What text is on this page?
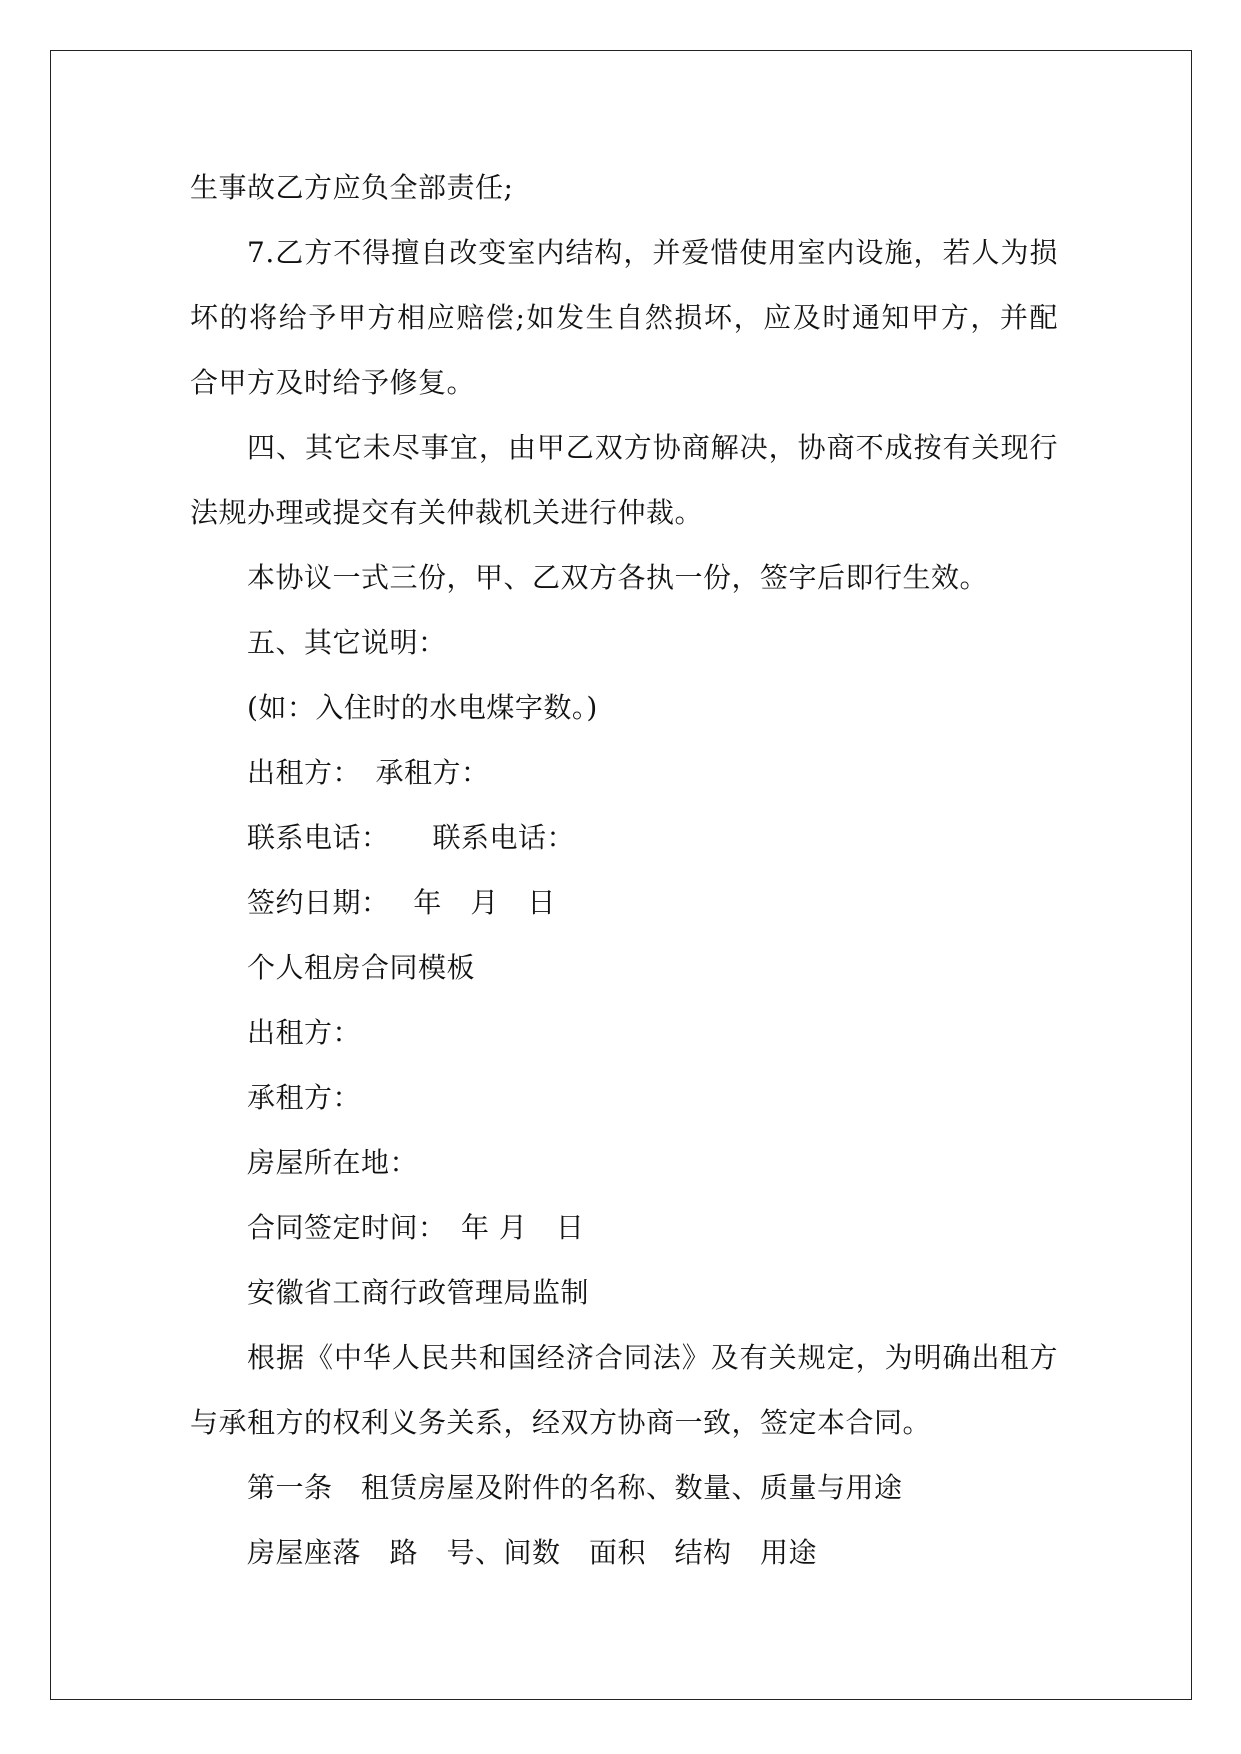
生事故乙方应负全部责任;
7.乙方不得擅自改变室内结构，并爱惜使用室内设施，若人为损
坏的将给予甲方相应赔偿;如发生自然损坏，应及时通知甲方，并配
合甲方及时给予修复。
四、其它未尽事宜，由甲乙双方协商解决，协商不成按有关现行
法规办理或提交有关仲裁机关进行仲裁。
本协议一式三份，甲、乙双方各执一份，签字后即行生效。
五、其它说明：
(如：入住时的水电煤字数。)
出租方：　承租方：
联系电话：　　联系电话：
签约日期：　 年　月　日
个人租房合同模板
出租方：
承租方：
房屋所在地：
合同签定时间：　年 月　日
安徽省工商行政管理局监制
根据《中华人民共和国经济合同法》及有关规定，为明确出租方
与承租方的权利义务关系，经双方协商一致，签定本合同。
第一条　租赁房屋及附件的名称、数量、质量与用途
房屋座落　路　号、间数　面积　结构　用途
